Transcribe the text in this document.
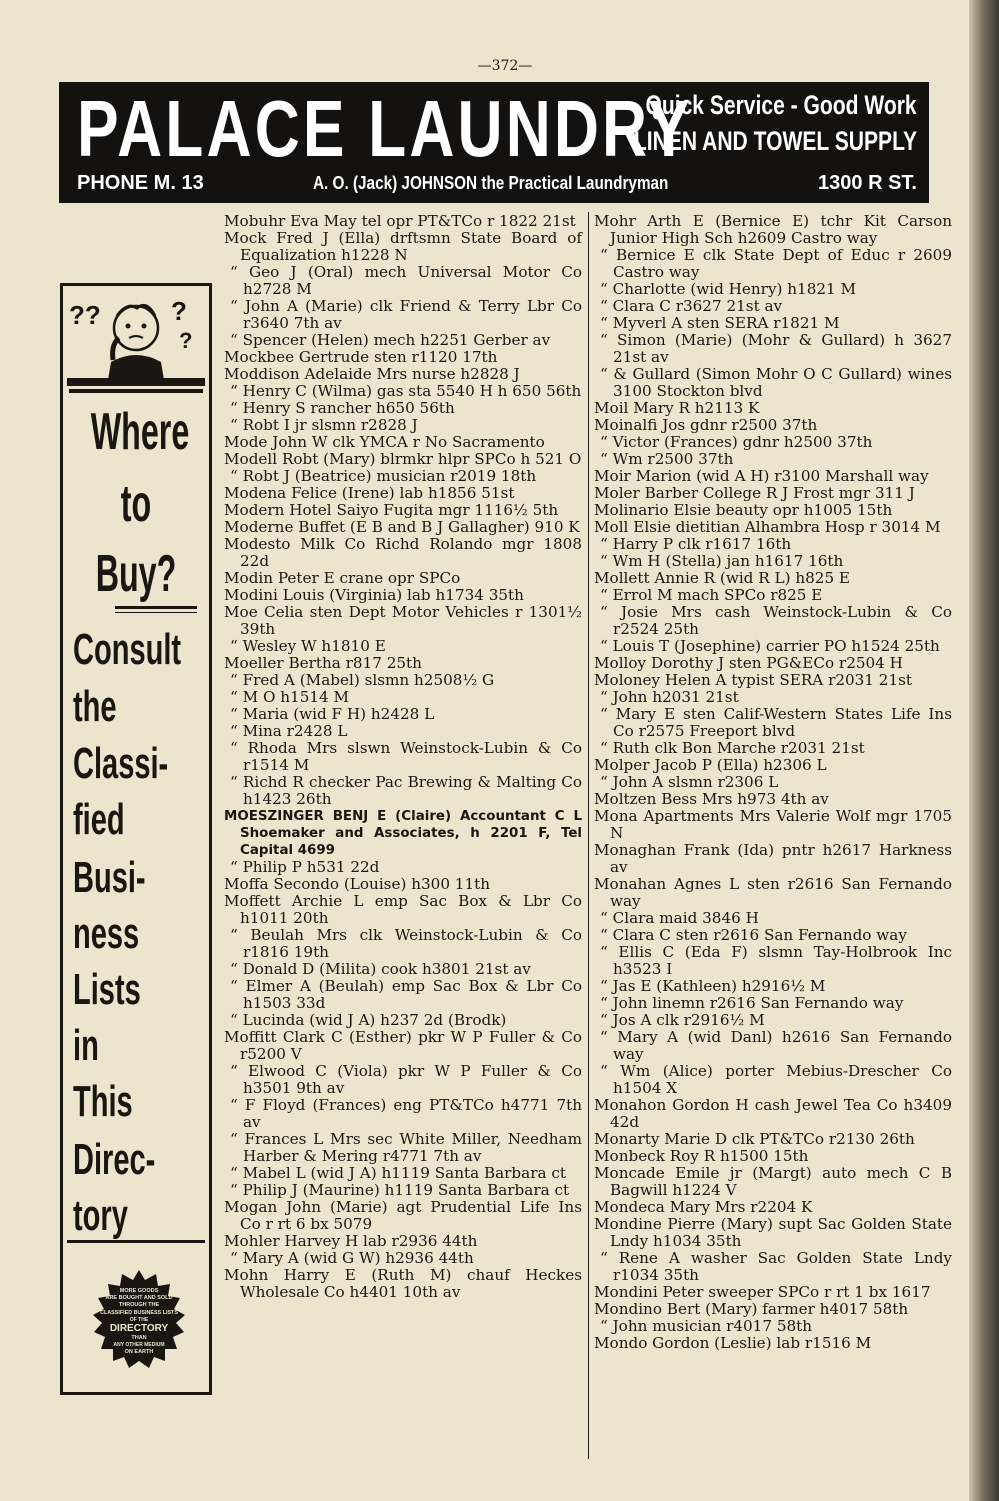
—372—
PALACE LAUNDRY
Quick Service - Good Work
LINEN AND TOWEL SUPPLY
PHONE M. 13	A. O. (Jack) JOHNSON the Practical Laundryman	1300 R ST.
??	?
?
Where
to
Buy?
Consult
the
Classi-
fied
Busi-
ness
Lists
in
This
Direc-
tory
MORE GOODS
ARE BOUGHT AND SOLD
THROUGH THE
CLASSIFIED BUSINESS LISTS
OF THE
DIRECTORY
THAN
ANY OTHER MEDIUM
ON EARTH

Mobuhr Eva May tel opr PT&TCo r 1822 21st

Mock Fred J (Ella) drftsmn State Board of Equalization h1228 N

“ Geo J (Oral) mech Universal Motor Co h2728 M

“ John A (Marie) clk Friend & Terry Lbr Co r3640 7th av

“ Spencer (Helen) mech h2251 Gerber av

Mockbee Gertrude sten r1120 17th

Moddison Adelaide Mrs nurse h2828 J

“ Henry C (Wilma) gas sta 5540 H h 650 56th

“ Henry S rancher h650 56th

“ Robt I jr slsmn r2828 J

Mode John W clk YMCA r No Sacramento

Modell Robt (Mary) blrmkr hlpr SPCo h 521 O

“ Robt J (Beatrice) musician r2019 18th

Modena Felice (Irene) lab h1856 51st

Modern Hotel Saiyo Fugita mgr 1116½ 5th

Moderne Buffet (E B and B J Gallagher) 910 K

Modesto Milk Co Richd Rolando mgr 1808 22d

Modin Peter E crane opr SPCo

Modini Louis (Virginia) lab h1734 35th

Moe Celia sten Dept Motor Vehicles r 1301½ 39th

“ Wesley W h1810 E

Moeller Bertha r817 25th

“ Fred A (Mabel) slsmn h2508½ G

“ M O h1514 M

“ Maria (wid F H) h2428 L

“ Mina r2428 L

“ Rhoda Mrs slswn Weinstock-Lubin & Co r1514 M

“ Richd R checker Pac Brewing & Malting Co h1423 26th

MOESZINGER BENJ E (Claire) Accountant C L Shoemaker and Associates, h 2201 F, Tel Capital 4699

“ Philip P h531 22d

Moffa Secondo (Louise) h300 11th

Moffett Archie L emp Sac Box & Lbr Co h1011 20th

“ Beulah Mrs clk Weinstock-Lubin & Co r1816 19th

“ Donald D (Milita) cook h3801 21st av

“ Elmer A (Beulah) emp Sac Box & Lbr Co h1503 33d

“ Lucinda (wid J A) h237 2d (Brodk)

Moffitt Clark C (Esther) pkr W P Fuller & Co r5200 V

“ Elwood C (Viola) pkr W P Fuller & Co h3501 9th av

“ F Floyd (Frances) eng PT&TCo h4771 7th av

“ Frances L Mrs sec White Miller, Needham Harber & Mering r4771 7th av

“ Mabel L (wid J A) h1119 Santa Barbara ct

“ Philip J (Maurine) h1119 Santa Barbara ct

Mogan John (Marie) agt Prudential Life Ins Co r rt 6 bx 5079

Mohler Harvey H lab r2936 44th

“ Mary A (wid G W) h2936 44th

Mohn Harry E (Ruth M) chauf Heckes Wholesale Co h4401 10th av

Mohr Arth E (Bernice E) tchr Kit Carson Junior High Sch h2609 Castro way

“ Bernice E clk State Dept of Educ r 2609 Castro way

“ Charlotte (wid Henry) h1821 M

“ Clara C r3627 21st av

“ Myverl A sten SERA r1821 M

“ Simon (Marie) (Mohr & Gullard) h 3627 21st av

“ & Gullard (Simon Mohr O C Gullard) wines 3100 Stockton blvd

Moil Mary R h2113 K

Moinalfi Jos gdnr r2500 37th

“ Victor (Frances) gdnr h2500 37th

“ Wm r2500 37th

Moir Marion (wid A H) r3100 Marshall way

Moler Barber College R J Frost mgr 311 J

Molinario Elsie beauty opr h1005 15th

Moll Elsie dietitian Alhambra Hosp r 3014 M

“ Harry P clk r1617 16th

“ Wm H (Stella) jan h1617 16th

Mollett Annie R (wid R L) h825 E

“ Errol M mach SPCo r825 E

“ Josie Mrs cash Weinstock-Lubin & Co r2524 25th

“ Louis T (Josephine) carrier PO h1524 25th

Molloy Dorothy J sten PG&ECo r2504 H

Moloney Helen A typist SERA r2031 21st

“ John h2031 21st

“ Mary E sten Calif-Western States Life Ins Co r2575 Freeport blvd

“ Ruth clk Bon Marche r2031 21st

Molper Jacob P (Ella) h2306 L

“ John A slsmn r2306 L

Moltzen Bess Mrs h973 4th av

Mona Apartments Mrs Valerie Wolf mgr 1705 N

Monaghan Frank (Ida) pntr h2617 Harkness av

Monahan Agnes L sten r2616 San Fernando way

“ Clara maid 3846 H

“ Clara C sten r2616 San Fernando way

“ Ellis C (Eda F) slsmn Tay-Holbrook Inc h3523 I

“ Jas E (Kathleen) h2916½ M

“ John linemn r2616 San Fernando way

“ Jos A clk r2916½ M

“ Mary A (wid Danl) h2616 San Fernando way

“ Wm (Alice) porter Mebius-Drescher Co h1504 X

Monahon Gordon H cash Jewel Tea Co h3409 42d

Monarty Marie D clk PT&TCo r2130 26th

Monbeck Roy R h1500 15th

Moncade Emile jr (Margt) auto mech C B Bagwill h1224 V

Mondeca Mary Mrs r2204 K

Mondine Pierre (Mary) supt Sac Golden State Lndy h1034 35th

“ Rene A washer Sac Golden State Lndy r1034 35th

Mondini Peter sweeper SPCo r rt 1 bx 1617

Mondino Bert (Mary) farmer h4017 58th

“ John musician r4017 58th

Mondo Gordon (Leslie) lab r1516 M
